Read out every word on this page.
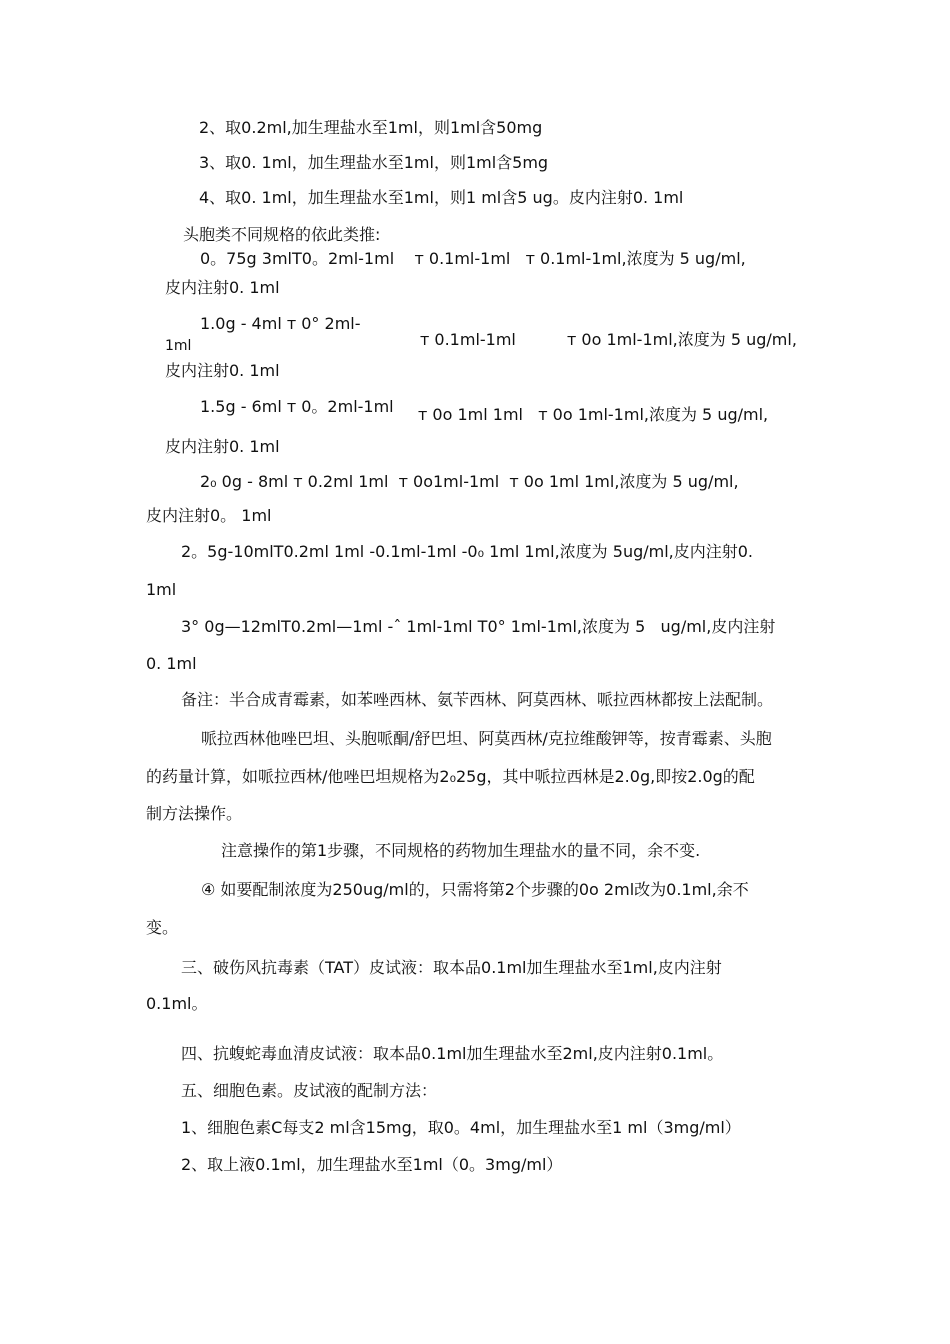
2、取0.2ml,加生理盐水至1ml，则1ml含50mg
3、取0. 1ml，加生理盐水至1ml，则1ml含5mg
4、取0. 1ml，加生理盐水至1ml，则1 ml含5 ug。皮内注射0. 1ml
头胞类不同规格的依此类推:
0。75g 3mlT0。2ml-1ml    т 0.1ml-1ml   т 0.1ml-1ml,浓度为 5 ug/ml,
皮内注射0. 1ml
1.0g - 4ml т 0° 2ml-
1ml	т 0.1ml-1ml	т 0o 1ml-1ml,浓度为 5 ug/ml,
皮内注射0. 1ml
1.5g - 6ml т 0。2ml-1ml т 0o 1ml 1ml   т 0o 1ml-1ml,浓度为 5 ug/ml,
皮内注射0. 1ml
2₀ 0g - 8ml т 0.2ml 1ml  т 0o1ml-1ml  т 0o 1ml 1ml,浓度为 5 ug/ml,
皮内注射0。 1ml
2。5g-10mlT0.2ml 1ml -0.1ml-1ml -0₀ 1ml 1ml,浓度为 5ug/ml,皮内注射0.
1ml
3° 0g—12mlT0.2ml—1ml -ˆ 1ml-1ml T0° 1ml-1ml,浓度为 5   ug/ml,皮内注射
0. 1ml
备注：半合成青霉素，如苯唑西林、氨苄西林、阿莫西林、哌拉西林都按上法配制。
哌拉西林他唑巴坦、头胞哌酮/舒巴坦、阿莫西林/克拉维酸钾等，按青霉素、头胞
的药量计算，如哌拉西林/他唑巴坦规格为2₀25g，其中哌拉西林是2.0g,即按2.0g的配
制方法操作。
注意操作的第1步骤，不同规格的药物加生理盐水的量不同，余不变.
④ 如要配制浓度为250ug/ml的，只需将第2个步骤的0o 2ml改为0.1ml,余不
变。
三、破伤风抗毒素（TAT）皮试液：取本品0.1ml加生理盐水至1ml,皮内注射
0.1ml。
四、抗蝮蛇毒血清皮试液：取本品0.1ml加生理盐水至2ml,皮内注射0.1ml。
五、细胞色素。皮试液的配制方法：
1、细胞色素C每支2 ml含15mg，取0。4ml，加生理盐水至1 ml（3mg/ml）
2、取上液0.1ml，加生理盐水至1ml（0。3mg/ml）
